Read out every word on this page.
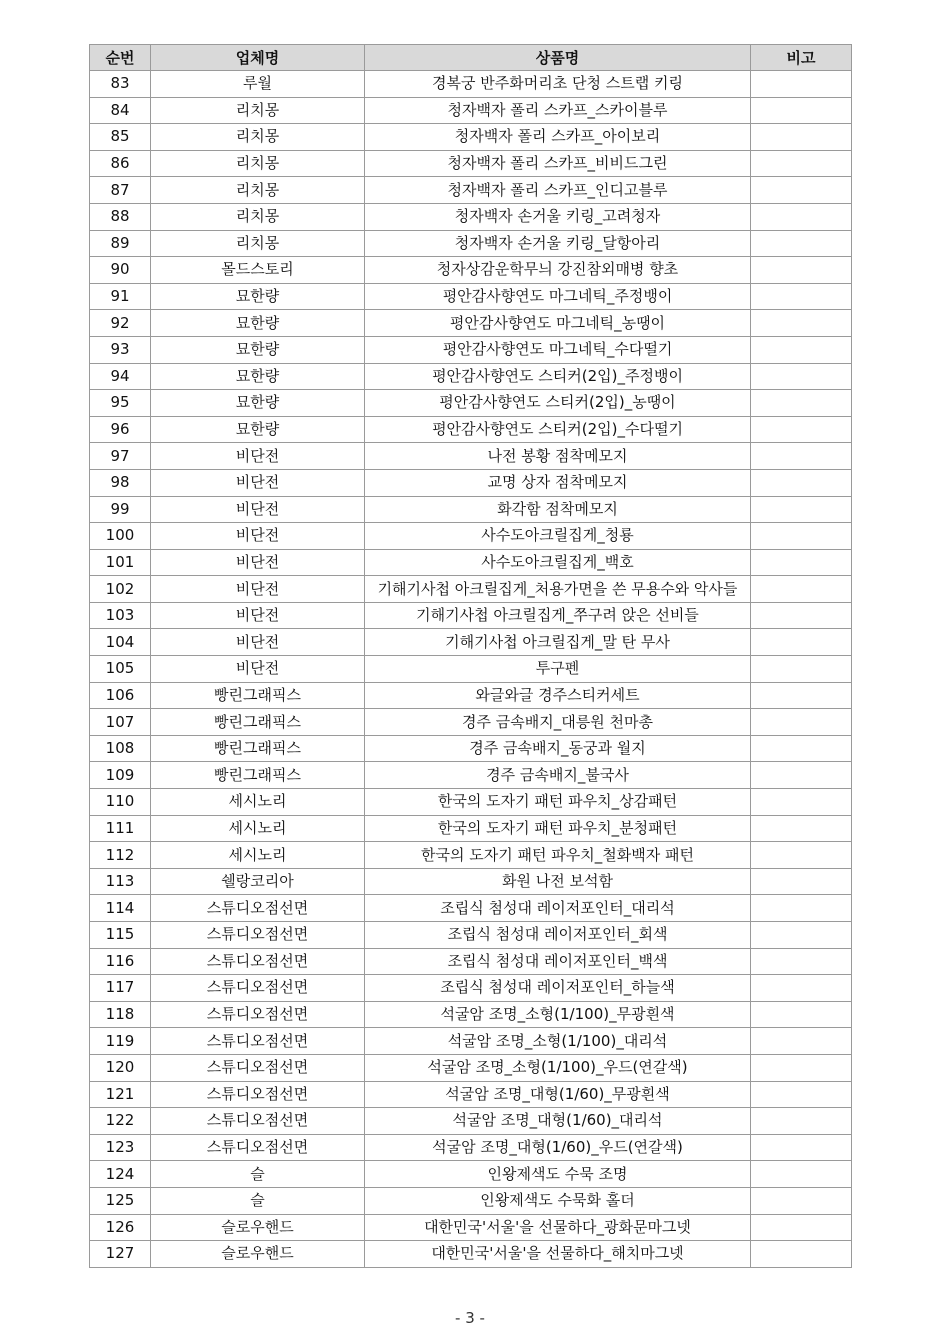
순번	업체명	상품명	비고
83	루월	경복궁 반주화머리초 단청 스트랩 키링	
84	리치몽	청자백자 폴리 스카프_스카이블루	
85	리치몽	청자백자 폴리 스카프_아이보리	
86	리치몽	청자백자 폴리 스카프_비비드그린	
87	리치몽	청자백자 폴리 스카프_인디고블루	
88	리치몽	청자백자 손거울 키링_고려청자	
89	리치몽	청자백자 손거울 키링_달항아리	
90	몰드스토리	청자상감운학무늬 강진참외매병 향초	
91	묘한량	평안감사향연도 마그네틱_주정뱅이	
92	묘한량	평안감사향연도 마그네틱_농땡이	
93	묘한량	평안감사향연도 마그네틱_수다떨기	
94	묘한량	평안감사향연도 스티커(2입)_주정뱅이	
95	묘한량	평안감사향연도 스티커(2입)_농땡이	
96	묘한량	평안감사향연도 스티커(2입)_수다떨기	
97	비단전	나전 봉황 점착메모지	
98	비단전	교명 상자 점착메모지	
99	비단전	화각함 점착메모지	
100	비단전	사수도아크릴집게_청룡	
101	비단전	사수도아크릴집게_백호	
102	비단전	기해기사첩 아크릴집게_처용가면을 쓴 무용수와 악사들	
103	비단전	기해기사첩 아크릴집게_쭈구려 앉은 선비들	
104	비단전	기해기사첩 아크릴집게_말 탄 무사	
105	비단전	투구펜	
106	빵린그래픽스	와글와글 경주스티커세트	
107	빵린그래픽스	경주 금속배지_대릉원 천마총	
108	빵린그래픽스	경주 금속배지_동궁과 월지	
109	빵린그래픽스	경주 금속배지_불국사	
110	세시노리	한국의 도자기 패턴 파우치_상감패턴	
111	세시노리	한국의 도자기 패턴 파우치_분청패턴	
112	세시노리	한국의 도자기 패턴 파우치_철화백자 패턴	
113	쉘랑코리아	화원 나전 보석함	
114	스튜디오점선면	조립식 첨성대 레이저포인터_대리석	
115	스튜디오점선면	조립식 첨성대 레이저포인터_회색	
116	스튜디오점선면	조립식 첨성대 레이저포인터_백색	
117	스튜디오점선면	조립식 첨성대 레이저포인터_하늘색	
118	스튜디오점선면	석굴암 조명_소형(1/100)_무광흰색	
119	스튜디오점선면	석굴암 조명_소형(1/100)_대리석	
120	스튜디오점선면	석굴암 조명_소형(1/100)_우드(연갈색)	
121	스튜디오점선면	석굴암 조명_대형(1/60)_무광흰색	
122	스튜디오점선면	석굴암 조명_대형(1/60)_대리석	
123	스튜디오점선면	석굴암 조명_대형(1/60)_우드(연갈색)	
124	슬	인왕제색도 수묵 조명	
125	슬	인왕제색도 수묵화 홀더	
126	슬로우핸드	대한민국'서울'을 선물하다_광화문마그넷	
127	슬로우핸드	대한민국'서울'을 선물하다_해치마그넷	
- 3 -
